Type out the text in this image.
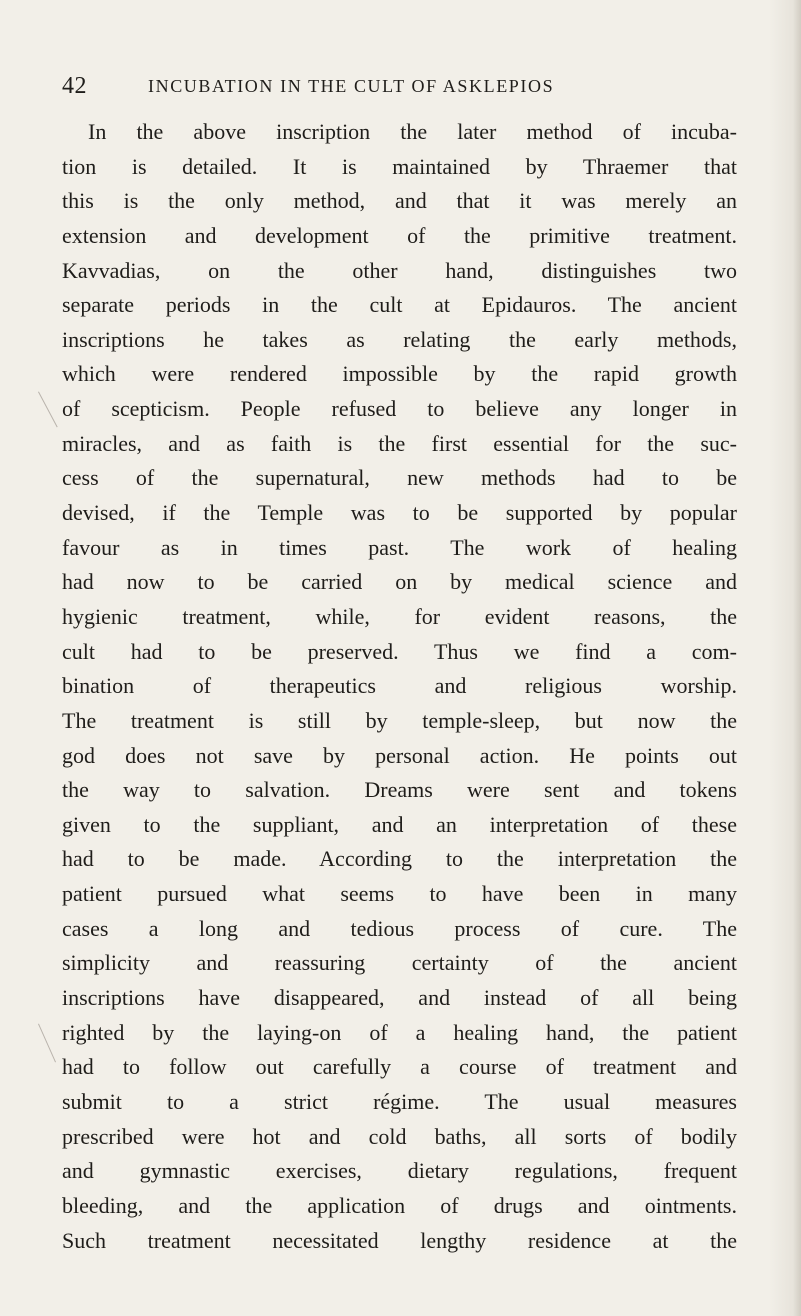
42	INCUBATION IN THE CULT OF ASKLEPIOS
In the above inscription the later method of incuba-
tion is detailed. It is maintained by Thraemer that
this is the only method, and that it was merely an
extension and development of the primitive treatment.
Kavvadias, on the other hand, distinguishes two
separate periods in the cult at Epidauros. The ancient
inscriptions he takes as relating the early methods,
which were rendered impossible by the rapid growth
of scepticism. People refused to believe any longer in
miracles, and as faith is the first essential for the suc-
cess of the supernatural, new methods had to be
devised, if the Temple was to be supported by popular
favour as in times past. The work of healing
had now to be carried on by medical science and
hygienic treatment, while, for evident reasons, the
cult had to be preserved. Thus we find a com-
bination of therapeutics and religious worship.
The treatment is still by temple-sleep, but now the
god does not save by personal action. He points out
the way to salvation. Dreams were sent and tokens
given to the suppliant, and an interpretation of these
had to be made. According to the interpretation the
patient pursued what seems to have been in many
cases a long and tedious process of cure. The
simplicity and reassuring certainty of the ancient
inscriptions have disappeared, and instead of all being
righted by the laying-on of a healing hand, the patient
had to follow out carefully a course of treatment and
submit to a strict régime. The usual measures
prescribed were hot and cold baths, all sorts of bodily
and gymnastic exercises, dietary regulations, frequent
bleeding, and the application of drugs and ointments.
Such treatment necessitated lengthy residence at the
